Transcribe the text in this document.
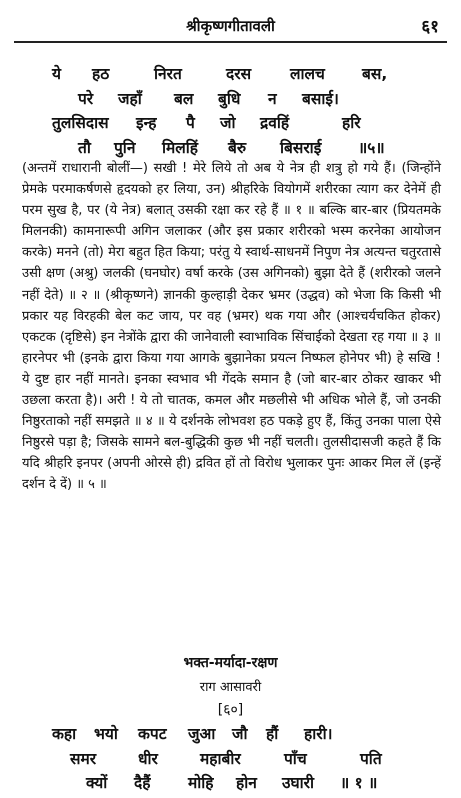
श्रीकृष्णगीतावली	६१
ये	हठ	निरत	दरस	लालच	बस,
परे	जहाँ	बल	बुधि	न	बसाई।
तुलसिदास	इन्ह	पै	जो	द्रवहिं	हरि
तौ	पुनि	मिलहिं	बैरु	बिसराई	॥५॥

(अन्तमें राधारानी बोलीं—) सखी ! मेरे लिये तो अब ये नेत्र ही शत्रु हो गये हैं। (जिन्होंने प्रेमके परमाकर्षणसे हृदयको हर लिया, उन) श्रीहरिके वियोगमें शरीरका त्याग कर देनेमें ही परम सुख है, पर (ये नेत्र) बलात् उसकी रक्षा कर रहे हैं ॥ १ ॥ बल्कि बार-बार (प्रियतमके मिलनकी) कामनारूपी अगिन जलाकर (और इस प्रकार शरीरको भस्म करनेका आयोजन करके) मनने (तो) मेरा बहुत हित किया; परंतु ये स्वार्थ-साधनमें निपुण नेत्र अत्यन्त चतुरतासे उसी क्षण (अश्रु) जलकी (घनघोर) वर्षा करके (उस अगिनको) बुझा देते हैं (शरीरको जलने नहीं देते) ॥ २ ॥ (श्रीकृष्णने) ज्ञानकी कुल्हाड़ी देकर भ्रमर (उद्धव) को भेजा कि किसी भी प्रकार यह विरहकी बेल कट जाय, पर वह (भ्रमर) थक गया और (आश्चर्यचकित होकर) एकटक (दृष्टिसे) इन नेत्रोंके द्वारा की जानेवाली स्वाभाविक सिंचाईको देखता रह गया ॥ ३ ॥ हारनेपर भी (इनके द्वारा किया गया आगके बुझानेका प्रयत्न निष्फल होनेपर भी) हे सखि ! ये दुष्ट हार नहीं मानते। इनका स्वभाव भी गेंदके समान है (जो बार-बार ठोकर खाकर भी उछला करता है)। अरी ! ये तो चातक, कमल और मछलीसे भी अधिक भोले हैं, जो उनकी निष्ठुरताको नहीं समझते ॥ ४ ॥ ये दर्शनके लोभवश हठ पकड़े हुए हैं, किंतु उनका पाला ऐसे निष्ठुरसे पड़ा है; जिसके सामने बल-बुद्धिकी कुछ भी नहीं चलती। तुलसीदासजी कहते हैं कि यदि श्रीहरि इनपर (अपनी ओरसे ही) द्रवित हों तो विरोध भुलाकर पुनः आकर मिल लें (इन्हें दर्शन दे दें) ॥ ५ ॥

भक्त-मर्यादा-रक्षण
राग आसावरी
[६०]
कहा	भयो	कपट	जुआ	जौ	हौं	हारी।
समर	धीर	महाबीर	पाँच	पति
क्यों	दैहैं	मोहि	होन	उघारी	॥ १ ॥
